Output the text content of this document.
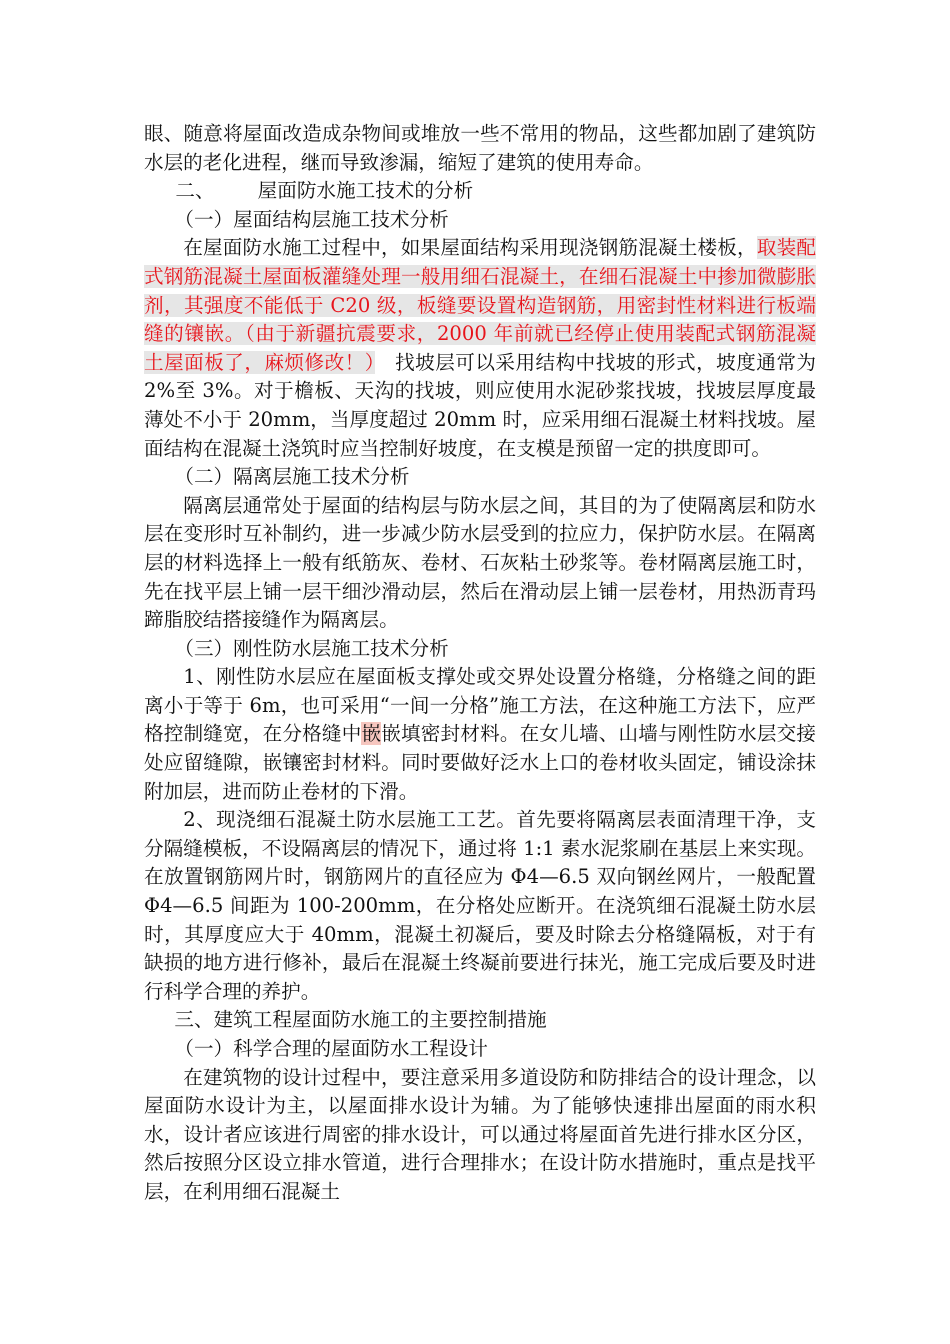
眼、随意将屋面改造成杂物间或堆放一些不常用的物品，这些都加剧了建筑防水层的老化进程，继而导致渗漏，缩短了建筑的使用寿命。

二、 屋面防水施工技术的分析

（一）屋面结构层施工技术分析

在屋面防水施工过程中，如果屋面结构采用现浇钢筋混凝土楼板，取装配式钢筋混凝土屋面板灌缝处理一般用细石混凝土，在细石混凝土中掺加微膨胀剂，其强度不能低于 C20 级，板缝要设置构造钢筋，用密封性材料进行板端缝的镶嵌。（由于新疆抗震要求，2000 年前就已经停止使用装配式钢筋混凝土屋面板了，麻烦修改！）　找坡层可以采用结构中找坡的形式，坡度通常为 2%至 3%。对于檐板、天沟的找坡，则应使用水泥砂浆找坡，找坡层厚度最薄处不小于 20mm，当厚度超过 20mm 时，应采用细石混凝土材料找坡。屋面结构在混凝土浇筑时应当控制好坡度，在支模是预留一定的拱度即可。

（二）隔离层施工技术分析

隔离层通常处于屋面的结构层与防水层之间，其目的为了使隔离层和防水层在变形时互补制约，进一步减少防水层受到的拉应力，保护防水层。在隔离层的材料选择上一般有纸筋灰、卷材、石灰粘土砂浆等。卷材隔离层施工时，先在找平层上铺一层干细沙滑动层，然后在滑动层上铺一层卷材，用热沥青玛蹄脂胶结搭接缝作为隔离层。

（三）刚性防水层施工技术分析

1、刚性防水层应在屋面板支撑处或交界处设置分格缝，分格缝之间的距离小于等于 6m，也可采用“一间一分格”施工方法，在这种施工方法下，应严格控制缝宽，在分格缝中嵌嵌填密封材料。在女儿墙、山墙与刚性防水层交接处应留缝隙，嵌镶密封材料。同时要做好泛水上口的卷材收头固定，铺设涂抹附加层，进而防止卷材的下滑。

2、现浇细石混凝土防水层施工工艺。首先要将隔离层表面清理干净，支分隔缝模板，不设隔离层的情况下，通过将 1:1 素水泥浆刷在基层上来实现。在放置钢筋网片时，钢筋网片的直径应为 Φ4—6.5 双向钢丝网片，一般配置 Φ4—6.5 间距为 100-200mm，在分格处应断开。在浇筑细石混凝土防水层时，其厚度应大于 40mm，混凝土初凝后，要及时除去分格缝隔板，对于有缺损的地方进行修补，最后在混凝土终凝前要进行抹光，施工完成后要及时进行科学合理的养护。

三、建筑工程屋面防水施工的主要控制措施

（一）科学合理的屋面防水工程设计

在建筑物的设计过程中，要注意采用多道设防和防排结合的设计理念，以屋面防水设计为主，以屋面排水设计为辅。为了能够快速排出屋面的雨水积水，设计者应该进行周密的排水设计，可以通过将屋面首先进行排水区分区，然后按照分区设立排水管道，进行合理排水；在设计防水措施时，重点是找平层，在利用细石混凝土
